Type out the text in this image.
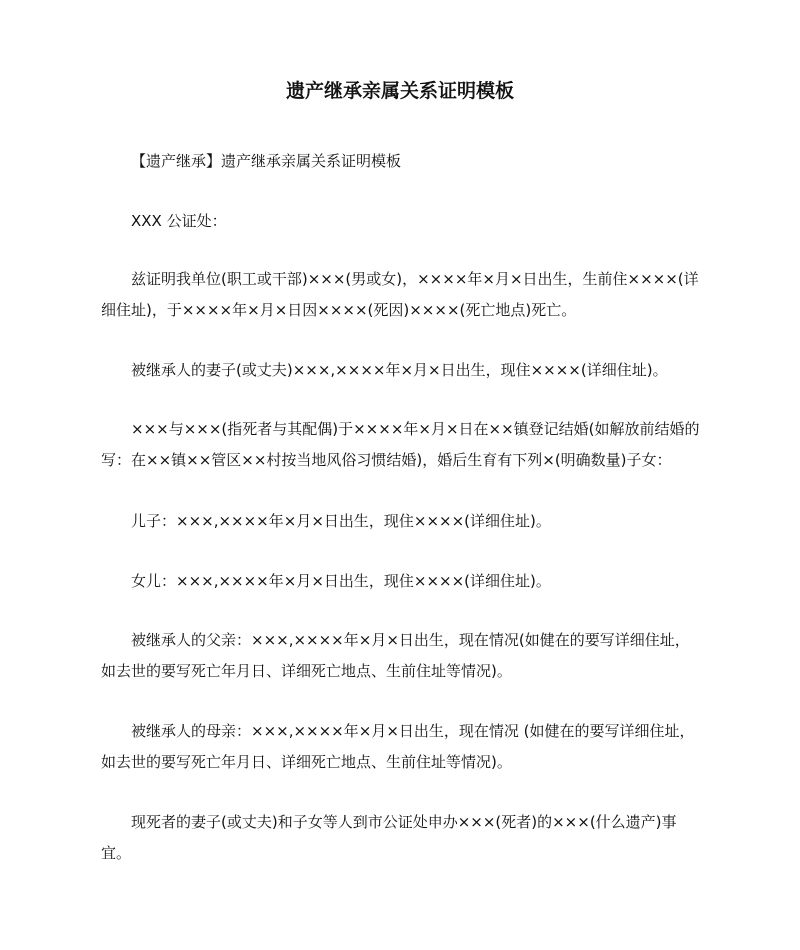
遗产继承亲属关系证明模板

【遗产继承】遗产继承亲属关系证明模板

XXX 公证处：

兹证明我单位(职工或干部)×××(男或女)，××××年×月×日出生，生前住××××(详细住址)，于××××年×月×日因××××(死因)××××(死亡地点)死亡。

被继承人的妻子(或丈夫)×××,××××年×月×日出生，现住××××(详细住址)。

×××与×××(指死者与其配偶)于××××年×月×日在××镇登记结婚(如解放前结婚的写：在××镇××管区××村按当地风俗习惯结婚)，婚后生育有下列×(明确数量)子女：

儿子：×××,××××年×月×日出生，现住××××(详细住址)。

女儿：×××,××××年×月×日出生，现住××××(详细住址)。

被继承人的父亲：×××,××××年×月×日出生，现在情况(如健在的要写详细住址，如去世的要写死亡年月日、详细死亡地点、生前住址等情况)。

被继承人的母亲：×××,××××年×月×日出生，现在情况 (如健在的要写详细住址，如去世的要写死亡年月日、详细死亡地点、生前住址等情况)。

现死者的妻子(或丈夫)和子女等人到市公证处申办×××(死者)的×××(什么遗产)事宜。
